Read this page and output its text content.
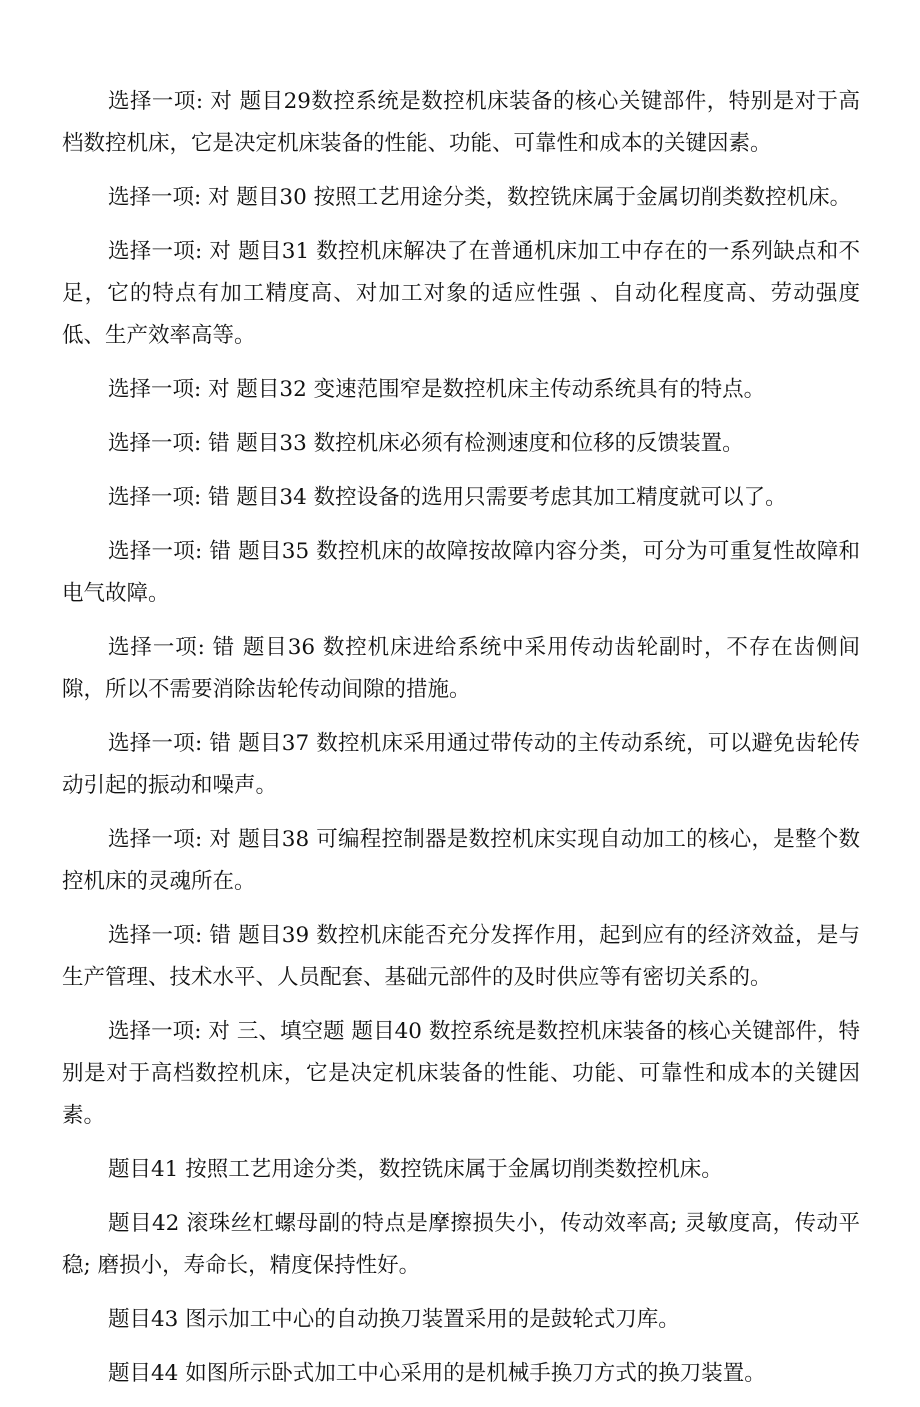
选择一项: 对 题目29数控系统是数控机床装备的核心关键部件，特别是对于高档数控机床，它是决定机床装备的性能、功能、可靠性和成本的关键因素。

选择一项: 对 题目30 按照工艺用途分类，数控铣床属于金属切削类数控机床。

选择一项: 对 题目31 数控机床解决了在普通机床加工中存在的一系列缺点和不足，它的特点有加工精度高、对加工对象的适应性强 、自动化程度高、劳动强度低、生产效率高等。

选择一项: 对 题目32 变速范围窄是数控机床主传动系统具有的特点。

选择一项: 错 题目33 数控机床必须有检测速度和位移的反馈装置。

选择一项: 错 题目34 数控设备的选用只需要考虑其加工精度就可以了。

选择一项: 错 题目35 数控机床的故障按故障内容分类，可分为可重复性故障和电气故障。

选择一项: 错 题目36 数控机床进给系统中采用传动齿轮副时，不存在齿侧间隙，所以不需要消除齿轮传动间隙的措施。

选择一项: 错 题目37 数控机床采用通过带传动的主传动系统，可以避免齿轮传动引起的振动和噪声。

选择一项: 对 题目38 可编程控制器是数控机床实现自动加工的核心，是整个数控机床的灵魂所在。

选择一项: 错 题目39 数控机床能否充分发挥作用，起到应有的经济效益，是与生产管理、技术水平、人员配套、基础元部件的及时供应等有密切关系的。

选择一项: 对 三、填空题 题目40 数控系统是数控机床装备的核心关键部件，特别是对于高档数控机床，它是决定机床装备的性能、功能、可靠性和成本的关键因素。

题目41 按照工艺用途分类，数控铣床属于金属切削类数控机床。

题目42 滚珠丝杠螺母副的特点是摩擦损失小，传动效率高; 灵敏度高，传动平稳; 磨损小，寿命长，精度保持性好。

题目43 图示加工中心的自动换刀装置采用的是鼓轮式刀库。

题目44 如图所示卧式加工中心采用的是机械手换刀方式的换刀装置。
